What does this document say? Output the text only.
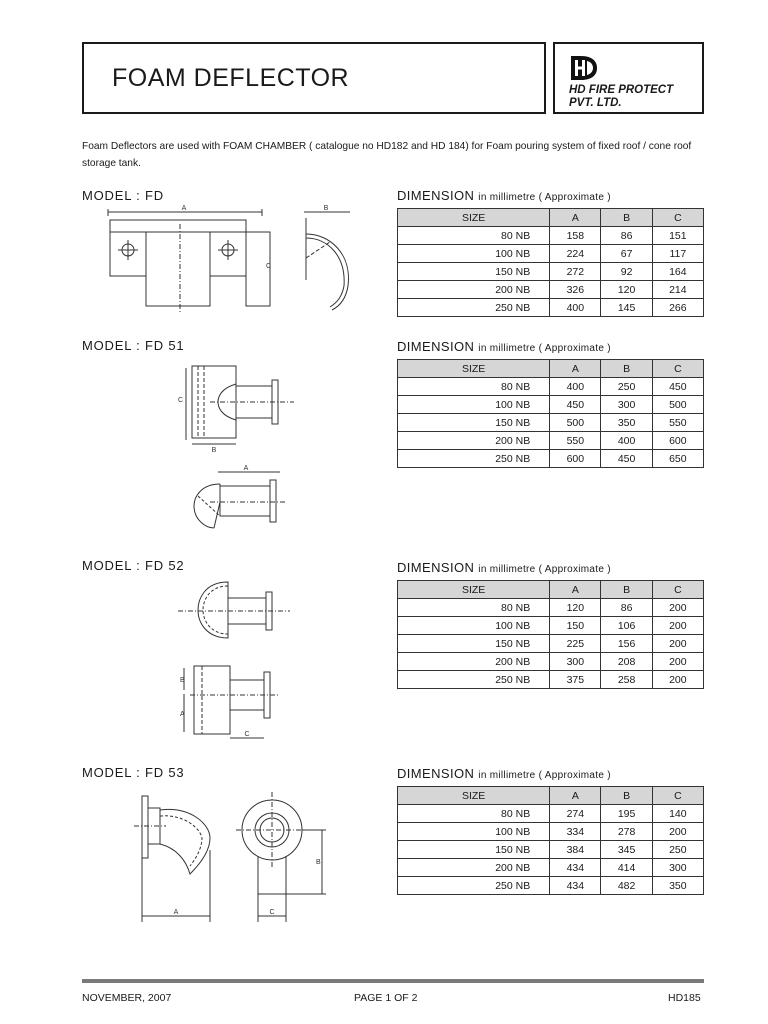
FOAM DEFLECTOR	HD FIRE PROTECT
PVT. LTD.
Foam Deflectors are used with FOAM CHAMBER ( catalogue no HD182 and HD 184) for Foam pouring system of fixed roof / cone roof storage tank.
MODEL : FD	DIMENSION in millimetre ( Approximate )
A
C
B
SIZE	A	B	C
80 NB	158	86	151
100 NB	224	67	117
150 NB	272	92	164
200 NB	326	120	214
250 NB	400	145	266
MODEL : FD 51	DIMENSION in millimetre ( Approximate )
C
B
A
SIZE	A	B	C
80 NB	400	250	450
100 NB	450	300	500
150 NB	500	350	550
200 NB	550	400	600
250 NB	600	450	650
MODEL : FD 52	DIMENSION in millimetre ( Approximate )
B
A
C
SIZE	A	B	C
80 NB	120	86	200
100 NB	150	106	200
150 NB	225	156	200
200 NB	300	208	200
250 NB	375	258	200
MODEL : FD 53	DIMENSION in millimetre ( Approximate )
A
B
C
SIZE	A	B	C
80 NB	274	195	140
100 NB	334	278	200
150 NB	384	345	250
200 NB	434	414	300
250 NB	434	482	350
NOVEMBER, 2007	PAGE 1 OF 2	HD185
